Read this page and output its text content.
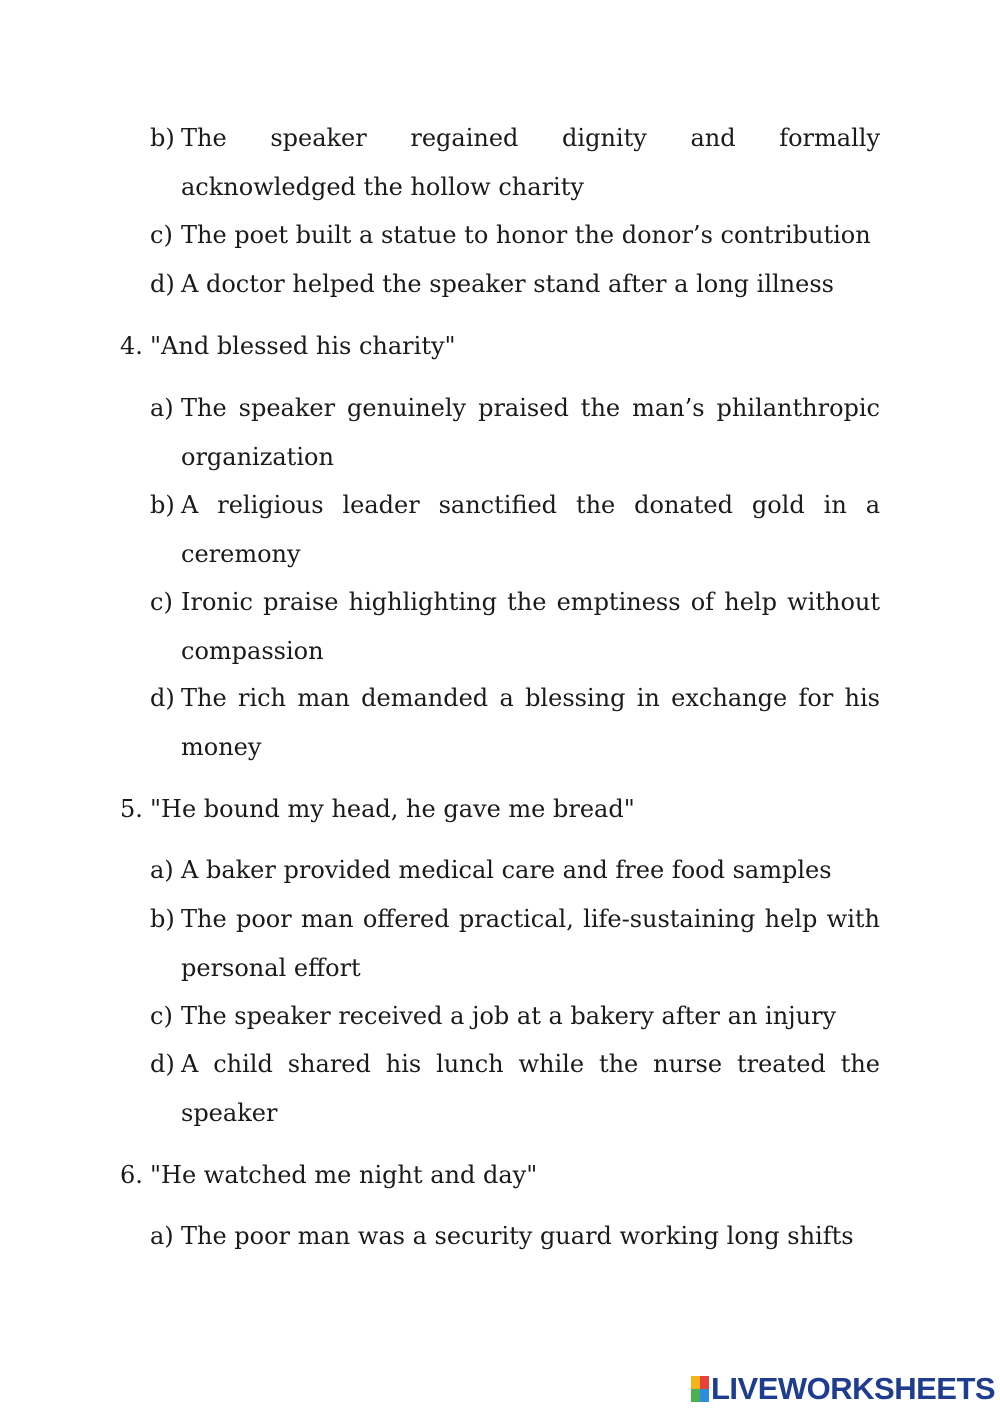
b) The speaker regained dignity and formally acknowledged the hollow charity
c) The poet built a statue to honor the donor’s contribution
d) A doctor helped the speaker stand after a long illness
4. "And blessed his charity"
a) The speaker genuinely praised the man’s philanthropic organization
b) A religious leader sanctified the donated gold in a ceremony
c) Ironic praise highlighting the emptiness of help without compassion
d) The rich man demanded a blessing in exchange for his money
5. "He bound my head, he gave me bread"
a) A baker provided medical care and free food samples
b) The poor man offered practical, life-sustaining help with personal effort
c) The speaker received a job at a bakery after an injury
d) A child shared his lunch while the nurse treated the speaker
6. "He watched me night and day"
a) The poor man was a security guard working long shifts
LIVEWORKSHEETS
